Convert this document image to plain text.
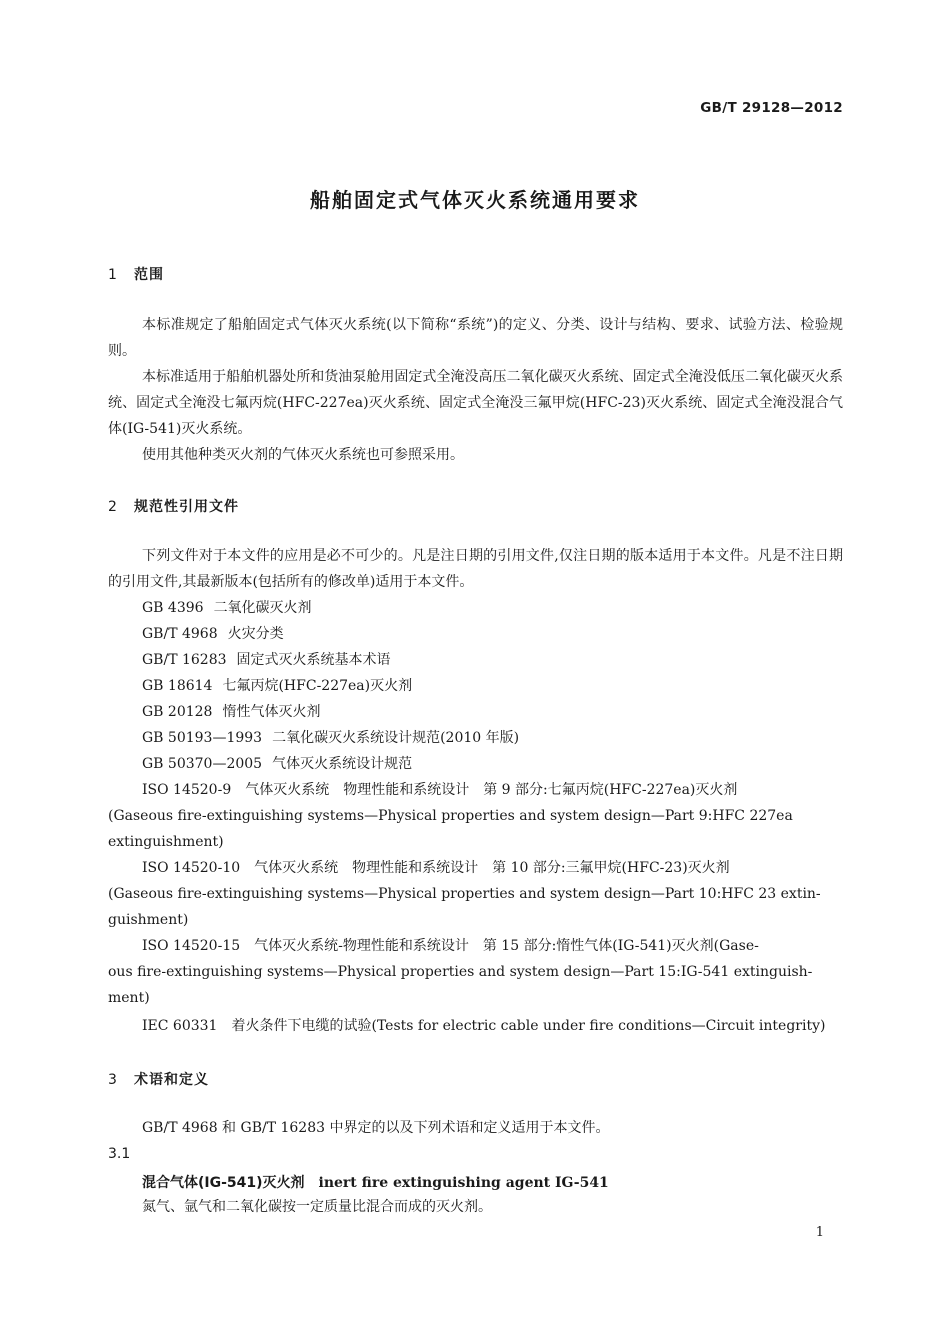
GB/T 29128—2012
船舶固定式气体灭火系统通用要求
1 范围
本标准规定了船舶固定式气体灭火系统(以下简称“系统”)的定义、分类、设计与结构、要求、试验方法、检验规则。
本标准适用于船舶机器处所和货油泵舱用固定式全淹没高压二氧化碳灭火系统、固定式全淹没低压二氧化碳灭火系统、固定式全淹没七氟丙烷(HFC-227ea)灭火系统、固定式全淹没三氟甲烷(HFC-23)灭火系统、固定式全淹没混合气体(IG-541)灭火系统。
使用其他种类灭火剂的气体灭火系统也可参照采用。
2 规范性引用文件
下列文件对于本文件的应用是必不可少的。凡是注日期的引用文件,仅注日期的版本适用于本文件。凡是不注日期的引用文件,其最新版本(包括所有的修改单)适用于本文件。
GB 4396 二氧化碳灭火剂
GB/T 4968 火灾分类
GB/T 16283 固定式灭火系统基本术语
GB 18614 七氟丙烷(HFC-227ea)灭火剂
GB 20128 惰性气体灭火剂
GB 50193—1993 二氧化碳灭火系统设计规范(2010 年版)
GB 50370—2005 气体灭火系统设计规范
ISO 14520-9　气体灭火系统　物理性能和系统设计　第 9 部分:七氟丙烷(HFC-227ea)灭火剂
(Gaseous fire-extinguishing systems—Physical properties and system design—Part 9:HFC 227ea
extinguishment)
ISO 14520-10　气体灭火系统　物理性能和系统设计　第 10 部分:三氟甲烷(HFC-23)灭火剂
(Gaseous fire-extinguishing systems—Physical properties and system design—Part 10:HFC 23 extin-
guishment)
ISO 14520-15　气体灭火系统-物理性能和系统设计　第 15 部分:惰性气体(IG-541)灭火剂(Gase-
ous fire-extinguishing systems—Physical properties and system design—Part 15:IG-541 extinguish-
ment)
IEC 60331　着火条件下电缆的试验(Tests for electric cable under fire conditions—Circuit integrity)
3 术语和定义
GB/T 4968 和 GB/T 16283 中界定的以及下列术语和定义适用于本文件。
3.1
混合气体(IG-541)灭火剂 inert fire extinguishing agent IG-541
氮气、氩气和二氧化碳按一定质量比混合而成的灭火剂。
1
